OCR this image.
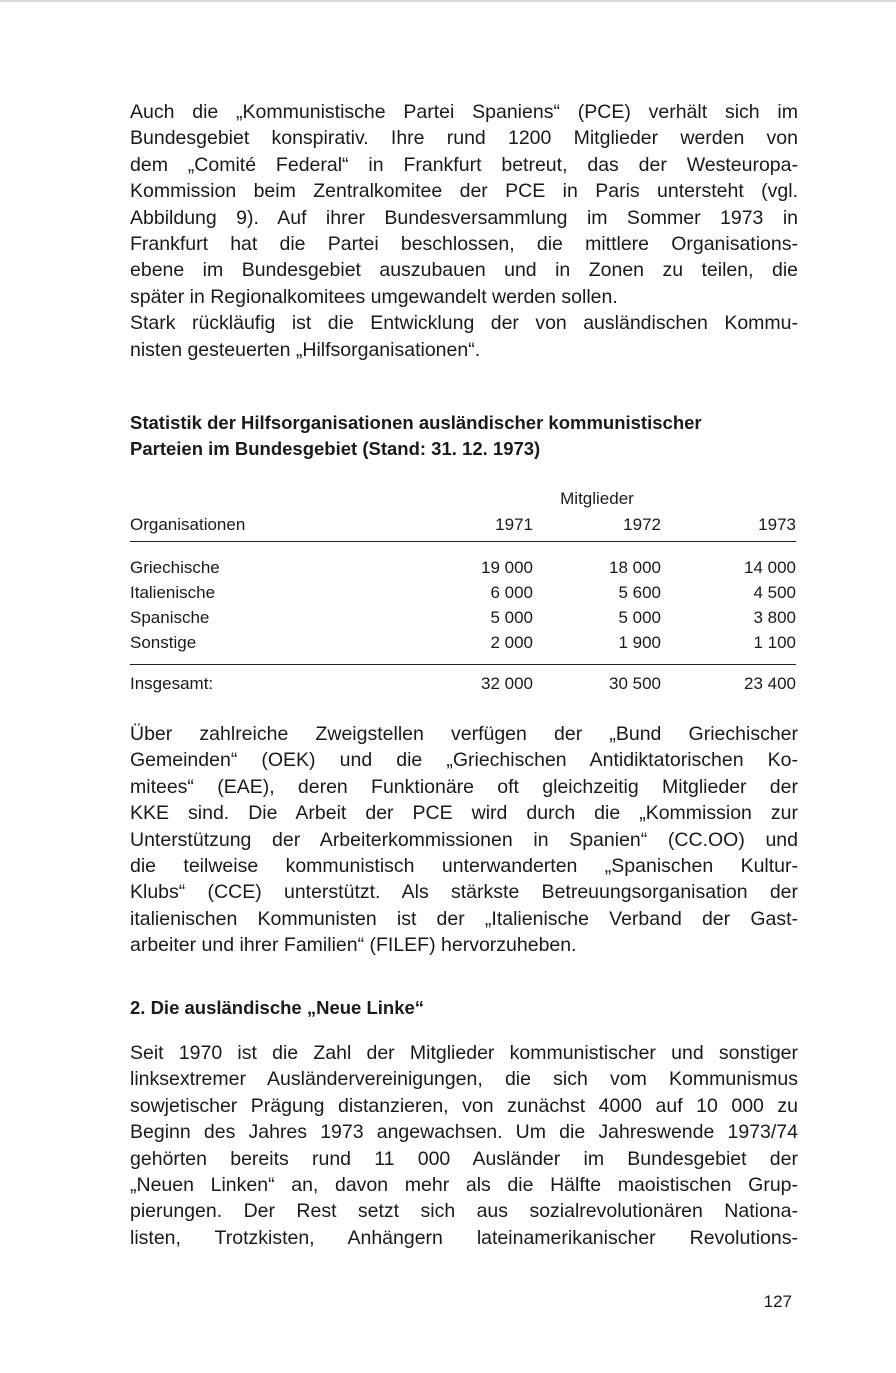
Auch die „Kommunistische Partei Spaniens“ (PCE) verhält sich im
Bundesgebiet konspirativ. Ihre rund 1200 Mitglieder werden von
dem „Comité Federal“ in Frankfurt betreut, das der Westeuropa-
Kommission beim Zentralkomitee der PCE in Paris untersteht (vgl.
Abbildung 9). Auf ihrer Bundesversammlung im Sommer 1973 in
Frankfurt hat die Partei beschlossen, die mittlere Organisations-
ebene im Bundesgebiet auszubauen und in Zonen zu teilen, die
später in Regionalkomitees umgewandelt werden sollen.
Stark rückläufig ist die Entwicklung der von ausländischen Kommu-
nisten gesteuerten „Hilfsorganisationen“.
Statistik der Hilfsorganisationen ausländischer kommunistischer
Parteien im Bundesgebiet (Stand: 31. 12. 1973)
		Mitglieder	
Organisationen	1971	1972	1973
Griechische	19 000	18 000	14 000
Italienische	6 000	5 600	4 500
Spanische	5 000	5 000	3 800
Sonstige	2 000	1 900	1 100
Insgesamt:	32 000	30 500	23 400
Über zahlreiche Zweigstellen verfügen der „Bund Griechischer
Gemeinden“ (OEK) und die „Griechischen Antidiktatorischen Ko-
mitees“ (EAE), deren Funktionäre oft gleichzeitig Mitglieder der
KKE sind. Die Arbeit der PCE wird durch die „Kommission zur
Unterstützung der Arbeiterkommissionen in Spanien“ (CC.OO) und
die teilweise kommunistisch unterwanderten „Spanischen Kultur-
Klubs“ (CCE) unterstützt. Als stärkste Betreuungsorganisation der
italienischen Kommunisten ist der „Italienische Verband der Gast-
arbeiter und ihrer Familien“ (FILEF) hervorzuheben.
2. Die ausländische „Neue Linke“
Seit 1970 ist die Zahl der Mitglieder kommunistischer und sonstiger
linksextremer Ausländervereinigungen, die sich vom Kommunismus
sowjetischer Prägung distanzieren, von zunächst 4000 auf 10 000 zu
Beginn des Jahres 1973 angewachsen. Um die Jahreswende 1973/74
gehörten bereits rund 11 000 Ausländer im Bundesgebiet der
„Neuen Linken“ an, davon mehr als die Hälfte maoistischen Grup-
pierungen. Der Rest setzt sich aus sozialrevolutionären Nationa-
listen, Trotzkisten, Anhängern lateinamerikanischer Revolutions-
127
